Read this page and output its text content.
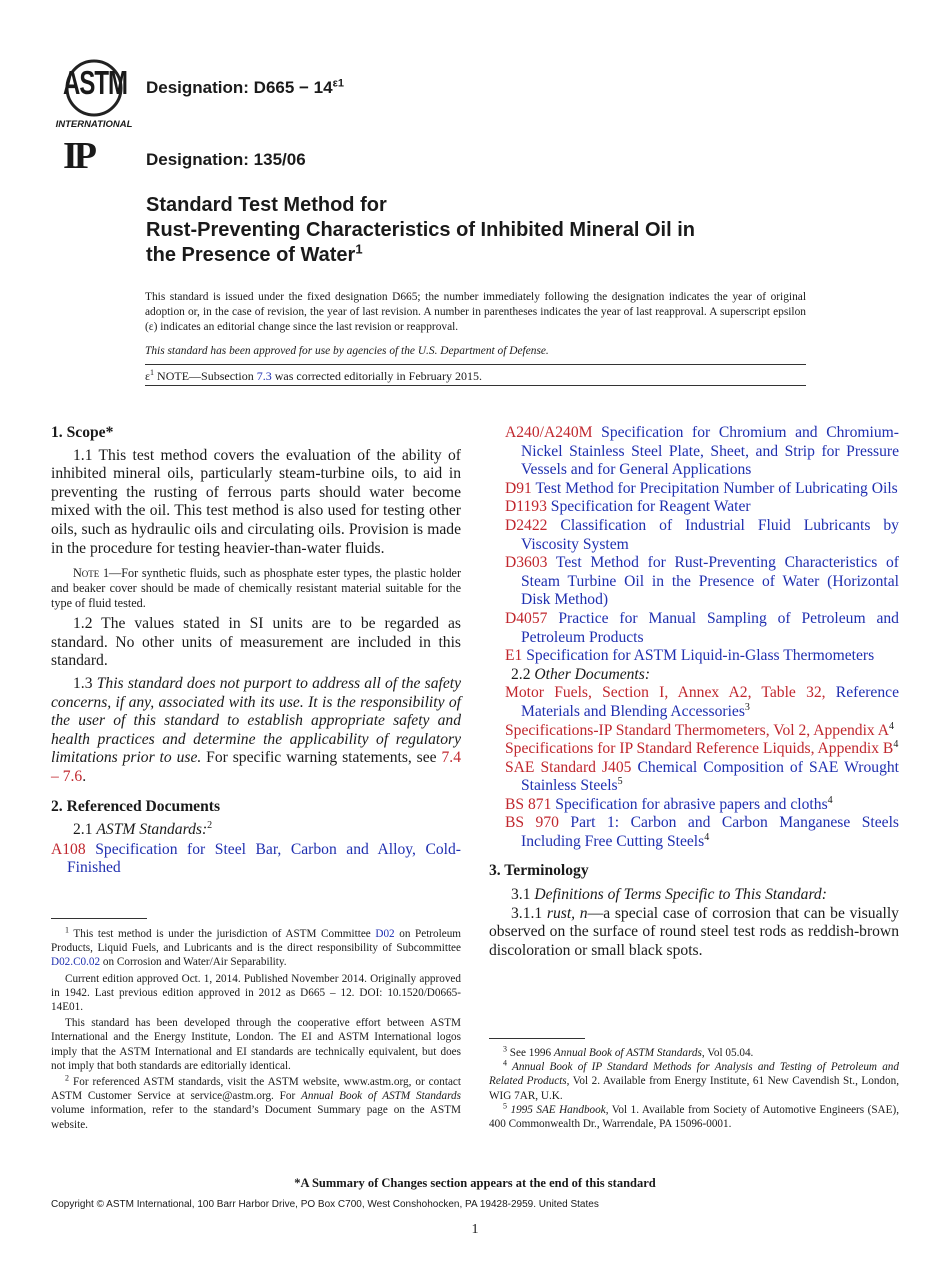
ASTM
INTERNATIONAL
Designation: $D665 - 14^{\varepsilon 1}$
IP	Designation: 135/06
Standard Test Method for
Rust-Preventing Characteristics of Inhibited Mineral Oil in
the Presence of Water$^1$
This standard is issued under the fixed designation D665; the number immediately following the designation indicates the year of original adoption or, in the case of revision, the year of last revision. A number in parentheses indicates the year of last reapproval. A superscript epsilon (ε) indicates an editorial change since the last revision or reapproval.
This standard has been approved for use by agencies of the U.S. Department of Defense.
$\varepsilon^1$ NOTE—Subsection 7.3 was corrected editorially in February 2015.
1. Scope*

1.1 This test method covers the evaluation of the ability of inhibited mineral oils, particularly steam-turbine oils, to aid in preventing the rusting of ferrous parts should water become mixed with the oil. This test method is also used for testing other oils, such as hydraulic oils and circulating oils. Provision is made in the procedure for testing heavier-than-water fluids.

Note 1—For synthetic fluids, such as phosphate ester types, the plastic holder and beaker cover should be made of chemically resistant material suitable for the type of fluid tested.

1.2 The values stated in SI units are to be regarded as standard. No other units of measurement are included in this standard.

1.3 This standard does not purport to address all of the safety concerns, if any, associated with its use. It is the responsibility of the user of this standard to establish appropriate safety and health practices and determine the applicability of regulatory limitations prior to use. For specific warning statements, see 7.4 – 7.6.

2. Referenced Documents

2.1 ASTM Standards:$^2$

A108 Specification for Steel Bar, Carbon and Alloy, Cold-Finished

$^1$ This test method is under the jurisdiction of ASTM Committee D02 on Petroleum Products, Liquid Fuels, and Lubricants and is the direct responsibility of Subcommittee D02.C0.02 on Corrosion and Water/Air Separability.

Current edition approved Oct. 1, 2014. Published November 2014. Originally approved in 1942. Last previous edition approved in 2012 as D665 – 12. DOI: 10.1520/D0665-14E01.

This standard has been developed through the cooperative effort between ASTM International and the Energy Institute, London. The EI and ASTM International logos imply that the ASTM International and EI standards are technically equivalent, but does not imply that both standards are editorially identical.

$^2$ For referenced ASTM standards, visit the ASTM website, www.astm.org, or contact ASTM Customer Service at service@astm.org. For Annual Book of ASTM Standards volume information, refer to the standard’s Document Summary page on the ASTM website.

A240/A240M Specification for Chromium and Chromium-Nickel Stainless Steel Plate, Sheet, and Strip for Pressure Vessels and for General Applications

D91 Test Method for Precipitation Number of Lubricating Oils

D1193 Specification for Reagent Water

D2422 Classification of Industrial Fluid Lubricants by Viscosity System

D3603 Test Method for Rust-Preventing Characteristics of Steam Turbine Oil in the Presence of Water (Horizontal Disk Method)

D4057 Practice for Manual Sampling of Petroleum and Petroleum Products

E1 Specification for ASTM Liquid-in-Glass Thermometers

2.2 Other Documents:

Motor Fuels, Section I, Annex A2, Table 32, Reference Materials and Blending Accessories$^3$

Specifications-IP Standard Thermometers, Vol 2, Appendix $A^4$

Specifications for IP Standard Reference Liquids, Appendix $B^4$

SAE Standard J405 Chemical Composition of SAE Wrought Stainless Steels$^5$

BS 871 Specification for abrasive papers and cloths$^4$

BS 970 Part 1: Carbon and Carbon Manganese Steels Including Free Cutting Steels$^4$

3. Terminology

3.1 Definitions of Terms Specific to This Standard:

3.1.1 rust, n—a special case of corrosion that can be visually observed on the surface of round steel test rods as reddish-brown discoloration or small black spots.

$^3$ See 1996 Annual Book of ASTM Standards, Vol 05.04.

$^4$ Annual Book of IP Standard Methods for Analysis and Testing of Petroleum and Related Products, Vol 2. Available from Energy Institute, 61 New Cavendish St., London, WIG 7AR, U.K.

$^5$ 1995 SAE Handbook, Vol 1. Available from Society of Automotive Engineers (SAE), 400 Commonwealth Dr., Warrendale, PA 15096-0001.

*A Summary of Changes section appears at the end of this standard
Copyright © ASTM International, 100 Barr Harbor Drive, PO Box C700, West Conshohocken, PA 19428-2959. United States
1
